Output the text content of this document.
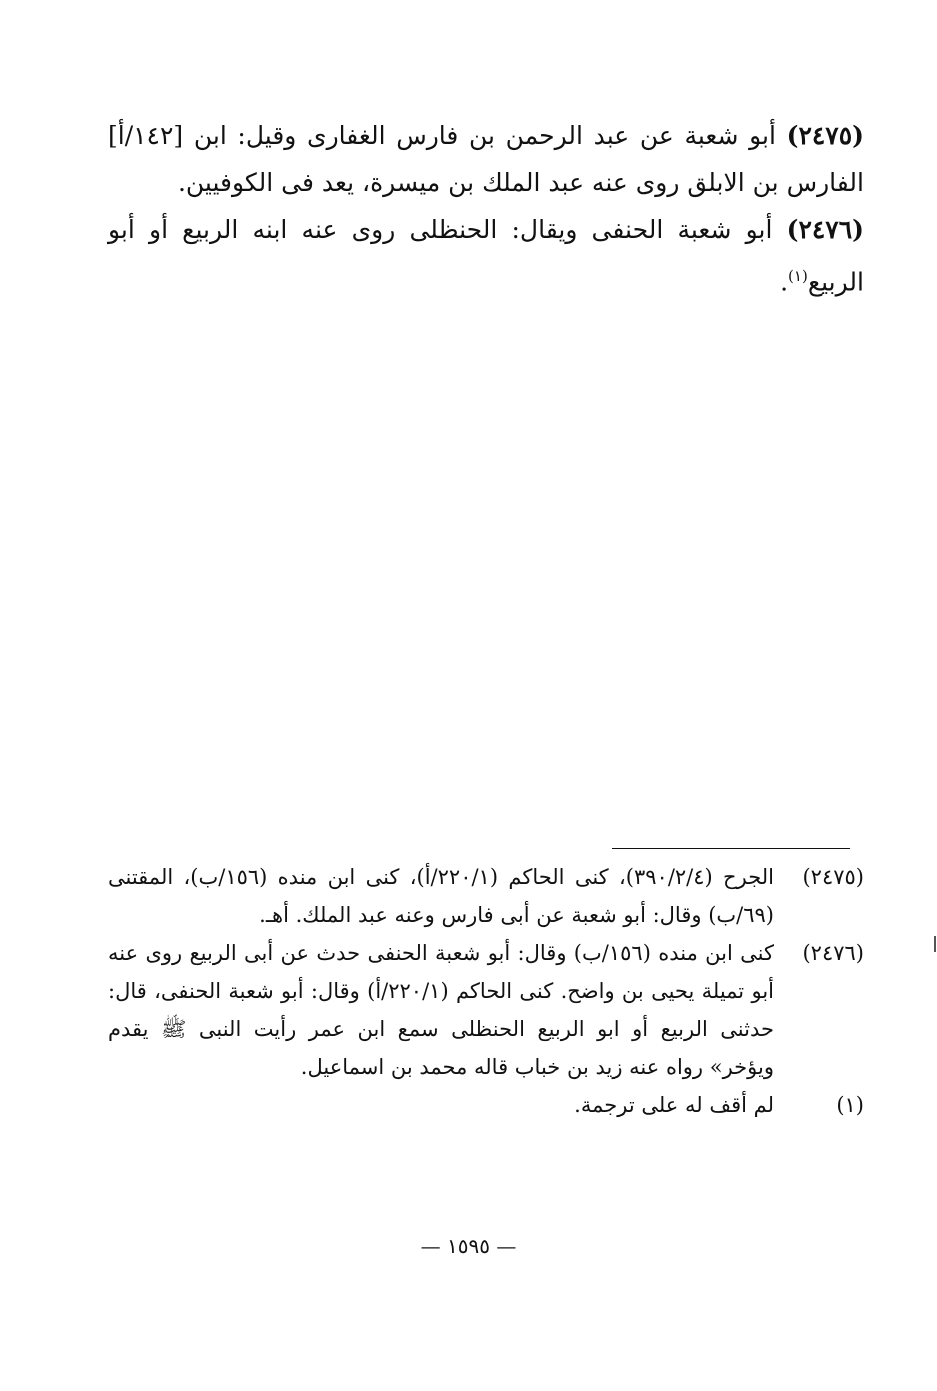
(٢٤٧٥) أبو شعبة عن عبد الرحمن بن فارس الغفارى وقيل: ابن [١٤٢/أ] الفارس بن الابلق روى عنه عبد الملك بن ميسرة، يعد فى الكوفيين.

(٢٤٧٦) أبو شعبة الحنفى ويقال: الحنظلى روى عنه ابنه الربيع أو أبو الربيع$^{(١)}$.

(٢٤٧٥)
الجرح (٣٩٠/٢/٤)، كنى الحاكم (٢٢٠/١/أ)، كنى ابن منده (١٥٦/ب)، المقتنى (٦٩/ب) وقال: أبو شعبة عن أبى فارس وعنه عبد الملك. أهـ.
(٢٤٧٦)
كنى ابن منده (١٥٦/ب) وقال: أبو شعبة الحنفى حدث عن أبى الربيع روى عنه أبو تميلة يحيى بن واضح. كنى الحاكم (٢٢٠/١/أ) وقال: أبو شعبة الحنفى، قال: حدثنى الربيع أو ابو الربيع الحنظلى سمع ابن عمر رأيت النبى ﷺ يقدم ويؤخر» رواه عنه زيد بن خباب قاله محمد بن اسماعيل.
(١)
لم أقف له على ترجمة.
— ١٥٩٥ —
